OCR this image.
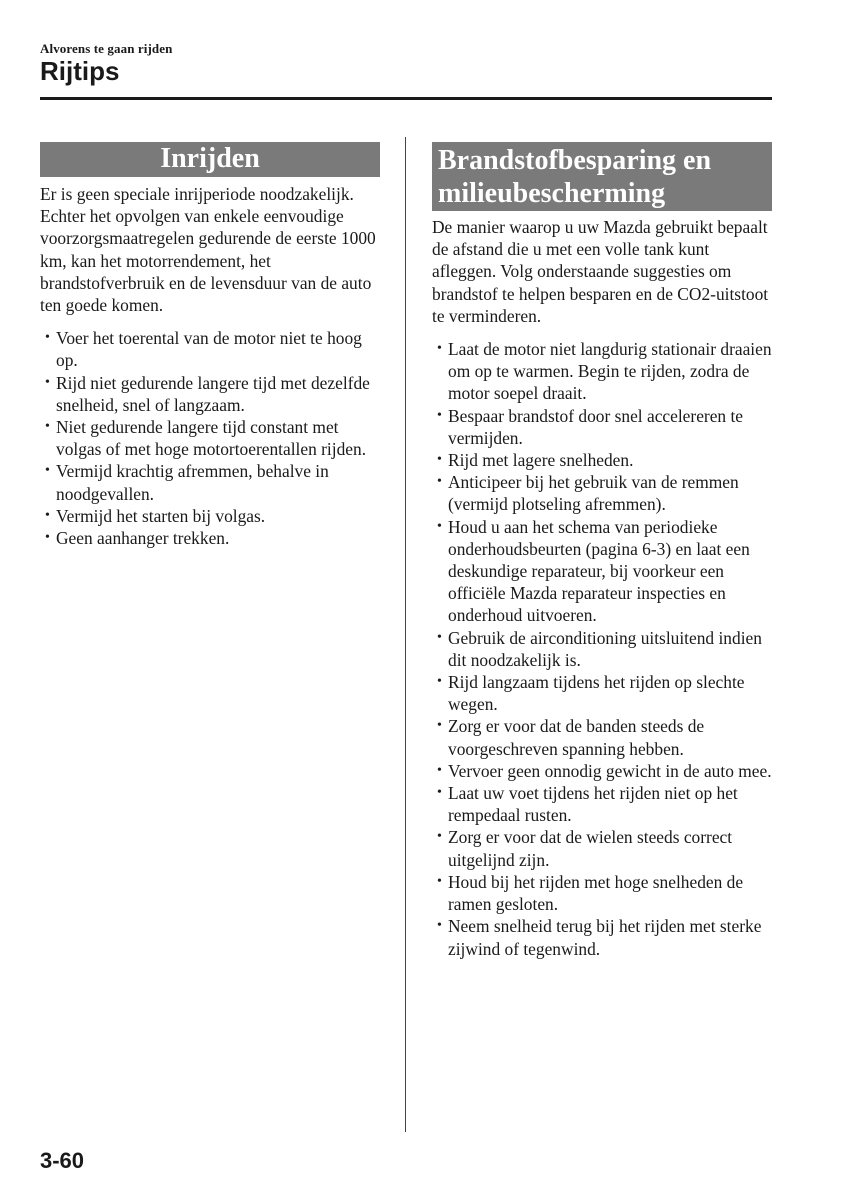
Alvorens te gaan rijden
Rijtips
Inrijden

Er is geen speciale inrijperiode noodzakelijk. Echter het opvolgen van enkele eenvoudige voorzorgsmaatregelen gedurende de eerste 1000 km, kan het motorrendement, het brandstofverbruik en de levensduur van de auto ten goede komen.

• Voer het toerental van de motor niet te hoog op.
• Rijd niet gedurende langere tijd met dezelfde snelheid, snel of langzaam.
• Niet gedurende langere tijd constant met volgas of met hoge motortoerentallen rijden.
• Vermijd krachtig afremmen, behalve in noodgevallen.
• Vermijd het starten bij volgas.
• Geen aanhanger trekken.
Brandstofbesparing en milieubescherming

De manier waarop u uw Mazda gebruikt bepaalt de afstand die u met een volle tank kunt afleggen. Volg onderstaande suggesties om brandstof te helpen besparen en de CO2-uitstoot te verminderen.

• Laat de motor niet langdurig stationair draaien om op te warmen. Begin te rijden, zodra de motor soepel draait.
• Bespaar brandstof door snel accelereren te vermijden.
• Rijd met lagere snelheden.
• Anticipeer bij het gebruik van de remmen (vermijd plotseling afremmen).
• Houd u aan het schema van periodieke onderhoudsbeurten (pagina 6-3) en laat een deskundige reparateur, bij voorkeur een officiële Mazda reparateur inspecties en onderhoud uitvoeren.
• Gebruik de airconditioning uitsluitend indien dit noodzakelijk is.
• Rijd langzaam tijdens het rijden op slechte wegen.
• Zorg er voor dat de banden steeds de voorgeschreven spanning hebben.
• Vervoer geen onnodig gewicht in de auto mee.
• Laat uw voet tijdens het rijden niet op het rempedaal rusten.
• Zorg er voor dat de wielen steeds correct uitgelijnd zijn.
• Houd bij het rijden met hoge snelheden de ramen gesloten.
• Neem snelheid terug bij het rijden met sterke zijwind of tegenwind.
3-60
